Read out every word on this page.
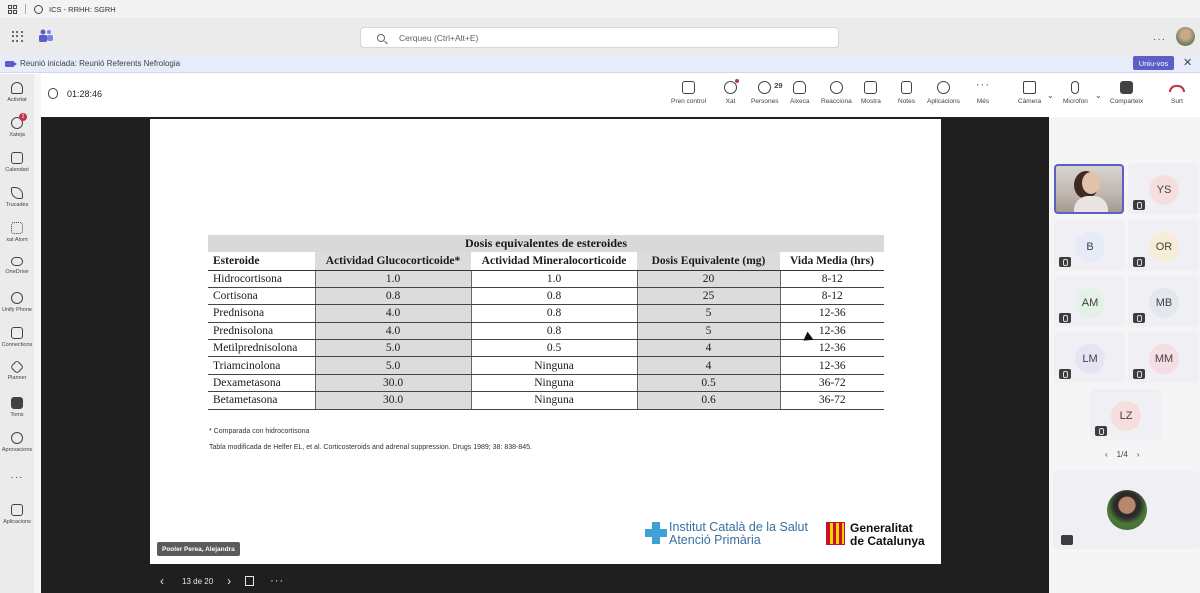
ICS - RRHH: SGRH
Cerqueu (Ctrl+Alt+E)	···
Reunió iniciada: Reunió Referents Nefrologia	Uniu-vos	✕
Activitat
2
Xateja
Calendari
Trucades
xat Atom
OneDrive
Unify Phone
Connections
Planner
Toms
Aprovacions
···
Aplicacions
01:28:46
Pren control	Xat
29
Persones Aixeca Reacciona Mostra	Notes Aplicacions
···
Més	Càmera
⌄
Micròfon
⌄
Comparteix	Surt
Dosis equivalentes de esteroides
Esteroide	Actividad Glucocorticoide*	Actividad Mineralocorticoide	Dosis Equivalente (mg)	Vida Media (hrs)
Hidrocortisona	1.0	1.0	20	8-12
Cortisona	0.8	0.8	25	8-12
Prednisona	4.0	0.8	5	12-36
Prednisolona	4.0	0.8	5	12-36
Metilprednisolona	5.0	0.5	4	12-36
Triamcinolona	5.0	Ninguna	4	12-36
Dexametasona	30.0	Ninguna	0.5	36-72
Betametasona	30.0	Ninguna	0.6	36-72
* Comparada con hidrocortisona
Tabla modificada de Helfer EL, et al. Corticosteroids and adrenal suppression. Drugs 1989; 38: 838-845.
Institut Català de la Salut
Atenció Primària
Generalitat
de Catalunya
Pooler Perea, Alejandra
‹ 13 de 20 ›	···
YS
B	OR
AM	MB
LM	MM
LZ
‹ 1/4 ›
